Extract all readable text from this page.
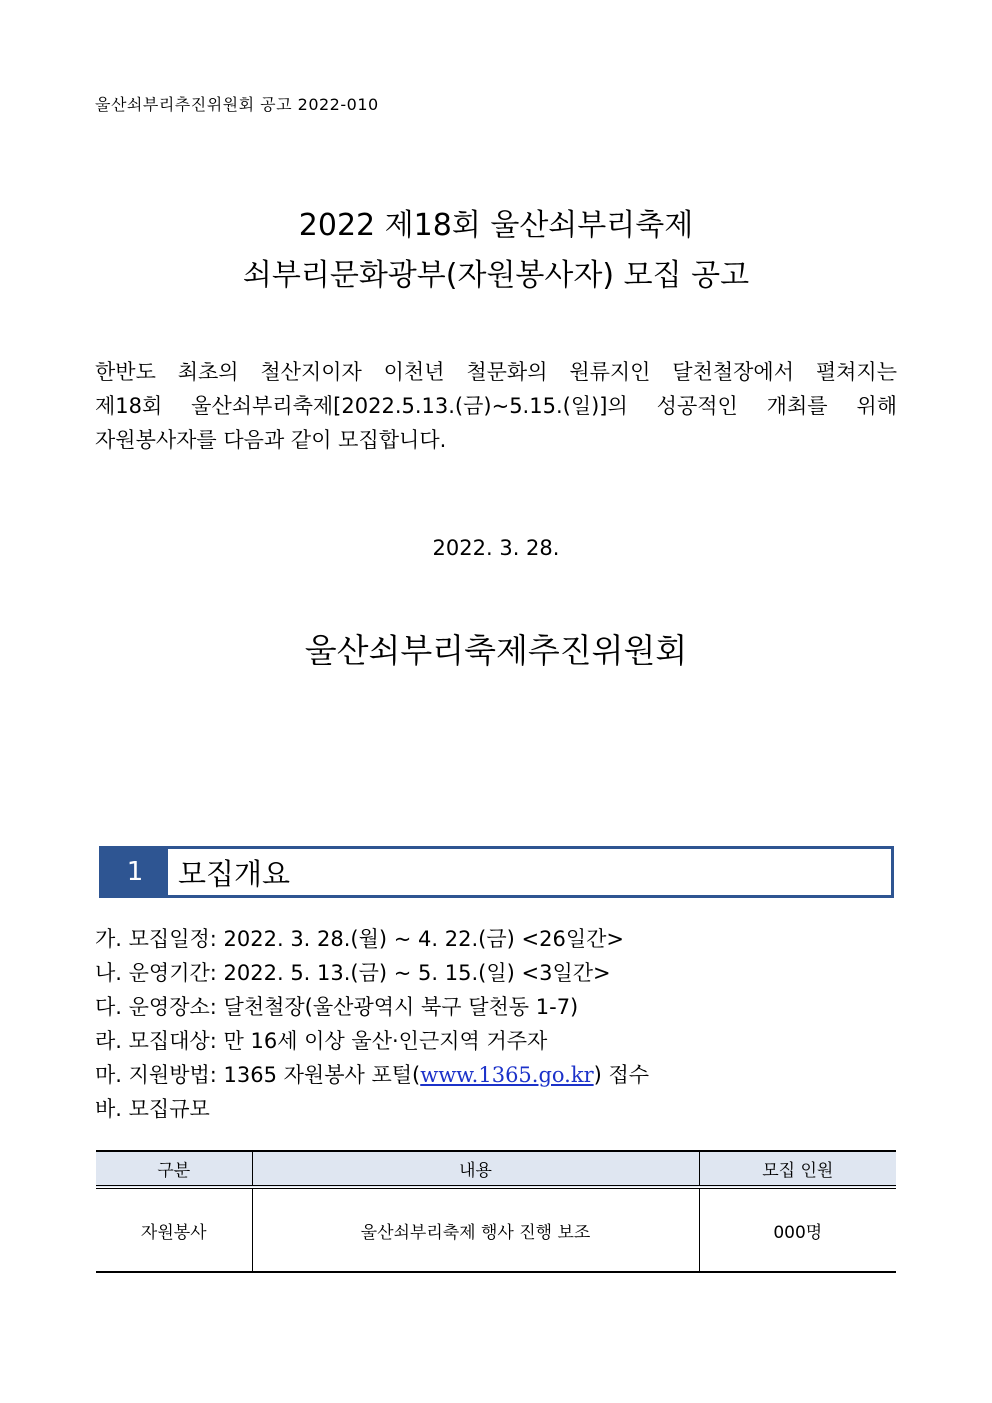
울산쇠부리추진위원회 공고 2022-010
2022 제18회 울산쇠부리축제
쇠부리문화광부(자원봉사자) 모집 공고

한반도 최초의 철산지이자 이천년 철문화의 원류지인 달천철장에서 펼쳐지는

제18회 울산쇠부리축제[2022.5.13.(금)~5.15.(일)]의 성공적인 개최를 위해

자원봉사자를 다음과 같이 모집합니다.

2022. 3. 28.
울산쇠부리축제추진위원회
1	모집개요
가. 모집일정: 2022. 3. 28.(월) ~ 4. 22.(금) <26일간>
나. 운영기간: 2022. 5. 13.(금) ~ 5. 15.(일) <3일간>
다. 운영장소: 달천철장(울산광역시 북구 달천동 1-7)
라. 모집대상: 만 16세 이상 울산·인근지역 거주자
마. 지원방법: 1365 자원봉사 포털(www.1365.go.kr) 접수
바. 모집규모
구분	내용	모집 인원
자원봉사	울산쇠부리축제 행사 진행 보조	000명
